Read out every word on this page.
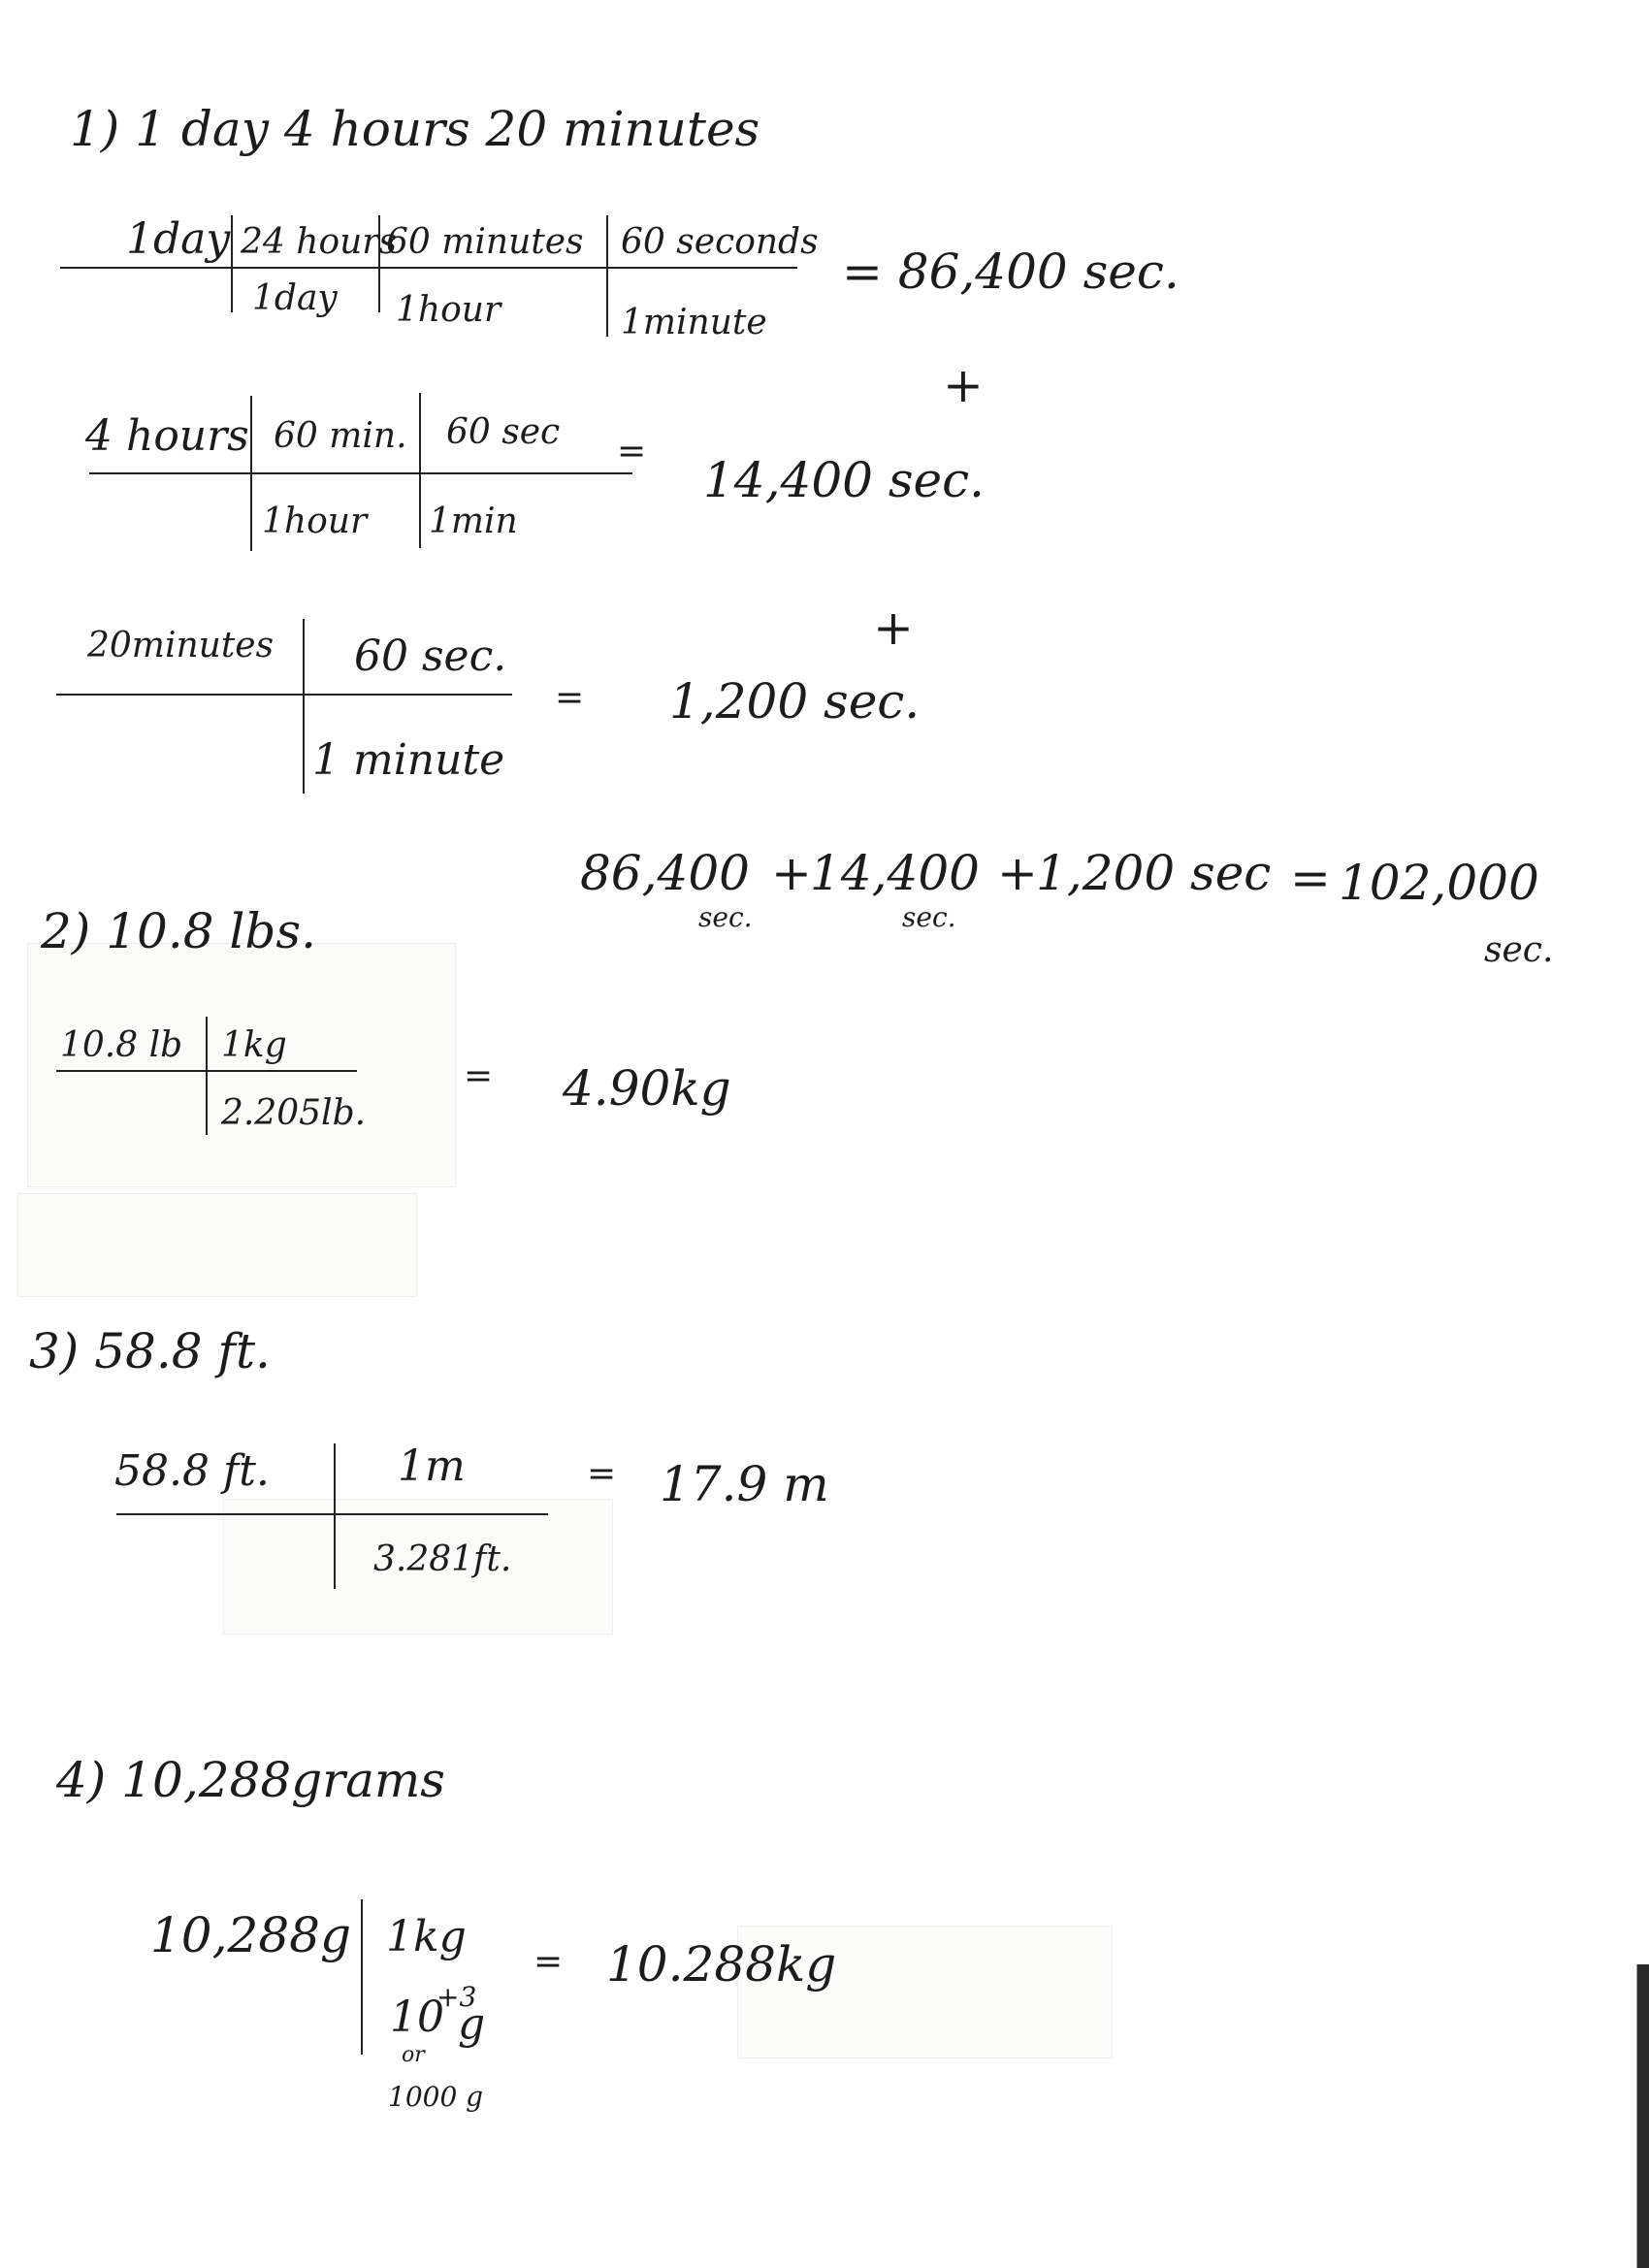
1) 1 day 4 hours 20 minutes
1day 24 hours
60 minutes 60 seconds
1day 1hour	1minute
= 86,400 sec.
+
4 hours 60 min. 60 sec
1hour 1min
=
14,400 sec.
+
20minutes 60 sec.
1 minute
= 1,200 sec.
86,400
sec.
+
14,400
sec.
+
1,200 sec = 102,000
sec.
2) 10.8 lbs.
10.8 lb 1kg
2.205lb.
= 4.90kg
3) 58.8 ft.
58.8 ft.	1m
3.281ft.
= 17.9 m
4) 10,288grams
10,288g 1kg
10
+3
g
or
1000 g
= 10.288kg
